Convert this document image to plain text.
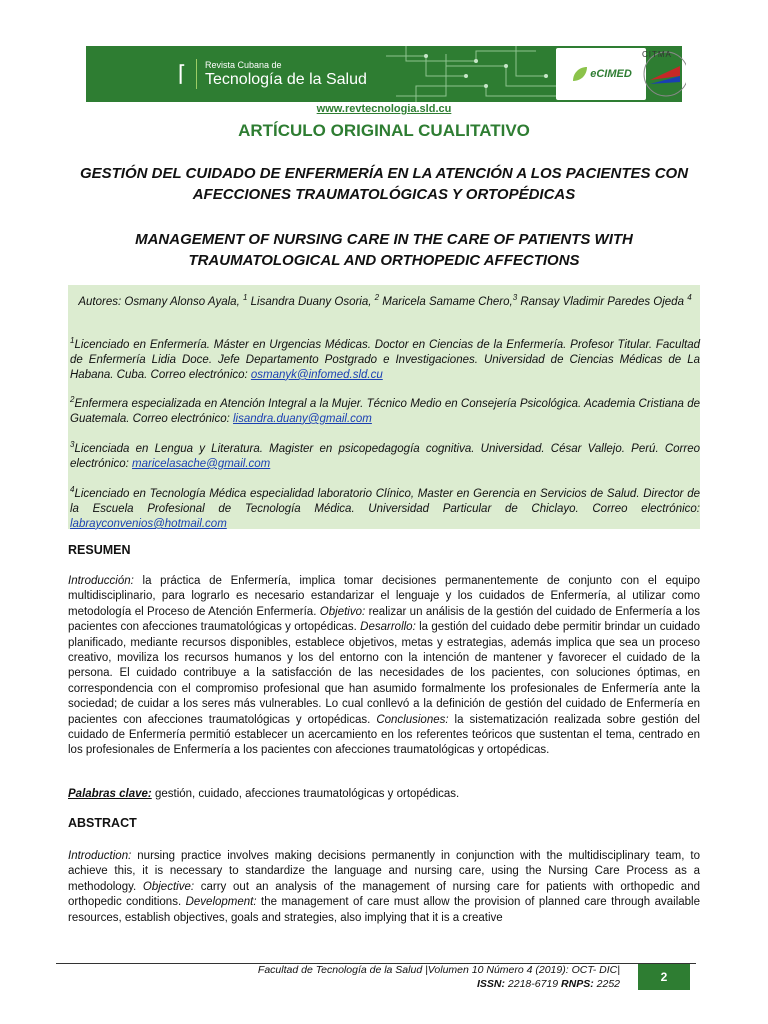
⌈	Revista Cubana de
Tecnología de la Salud	eCIMED
CITMA
www.revtecnologia.sld.cu
ARTÍCULO ORIGINAL CUALITATIVO
GESTIÓN DEL CUIDADO DE ENFERMERÍA EN LA ATENCIÓN A LOS PACIENTES CON AFECCIONES TRAUMATOLÓGICAS Y ORTOPÉDICAS
MANAGEMENT OF NURSING CARE IN THE CARE OF PATIENTS WITH TRAUMATOLOGICAL AND ORTHOPEDIC AFFECTIONS
Autores: Osmany Alonso Ayala, $^1$ Lisandra Duany Osoria, $^2$ Maricela Samame Chero,$^3$ Ransay Vladimir Paredes Ojeda $^4$
$^1$Licenciado en Enfermería. Máster en Urgencias Médicas. Doctor en Ciencias de la Enfermería. Profesor Titular. Facultad de Enfermería Lidia Doce. Jefe Departamento Postgrado e Investigaciones. Universidad de Ciencias Médicas de La Habana. Cuba. Correo electrónico: osmanyk@infomed.sld.cu
$^2$Enfermera especializada en Atención Integral a la Mujer. Técnico Medio en Consejería Psicológica. Academia Cristiana de Guatemala. Correo electrónico: lisandra.duany@gmail.com
$^3$Licenciada en Lengua y Literatura. Magister en psicopedagogía cognitiva. Universidad. César Vallejo. Perú. Correo electrónico: maricelasache@gmail.com
$^4$Licenciado en Tecnología Médica especialidad laboratorio Clínico, Master en Gerencia en Servicios de Salud. Director de la Escuela Profesional de Tecnología Médica. Universidad Particular de Chiclayo. Correo electrónico: labrayconvenios@hotmail.com
RESUMEN
Introducción: la práctica de Enfermería, implica tomar decisiones permanentemente de conjunto con el equipo multidisciplinario, para lograrlo es necesario estandarizar el lenguaje y los cuidados de Enfermería, al utilizar como metodología el Proceso de Atención Enfermería. Objetivo: realizar un análisis de la gestión del cuidado de Enfermería a los pacientes con afecciones traumatológicas y ortopédicas. Desarrollo: la gestión del cuidado debe permitir brindar un cuidado planificado, mediante recursos disponibles, establece objetivos, metas y estrategias, además implica que sea un proceso creativo, moviliza los recursos humanos y los del entorno con la intención de mantener y favorecer el cuidado de la persona. El cuidado contribuye a la satisfacción de las necesidades de los pacientes, con soluciones óptimas, en correspondencia con el compromiso profesional que han asumido formalmente los profesionales de Enfermería ante la sociedad; de cuidar a los seres más vulnerables. Lo cual conllevó a la definición de gestión del cuidado de Enfermería en pacientes con afecciones traumatológicas y ortopédicas. Conclusiones: la sistematización realizada sobre gestión del cuidado de Enfermería permitió establecer un acercamiento en los referentes teóricos que sustentan el tema, centrado en los profesionales de Enfermería a los pacientes con afecciones traumatológicas y ortopédicas.
Palabras clave: gestión, cuidado, afecciones traumatológicas y ortopédicas.
ABSTRACT
Introduction: nursing practice involves making decisions permanently in conjunction with the multidisciplinary team, to achieve this, it is necessary to standardize the language and nursing care, using the Nursing Care Process as a methodology. Objective: carry out an analysis of the management of nursing care for patients with orthopedic and orthopedic conditions. Development: the management of care must allow the provision of planned care through available resources, establish objectives, goals and strategies, also implying that it is a creative
Facultad de Tecnología de la Salud |Volumen 10 Número 4 (2019): OCT- DIC|
ISSN: 2218-6719 RNPS: 2252	2
